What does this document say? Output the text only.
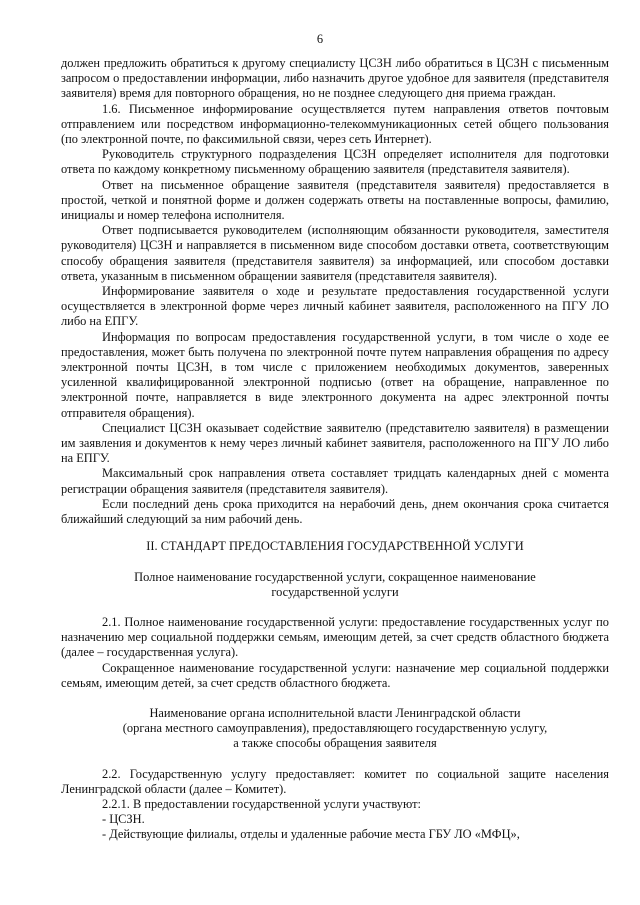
6

должен предложить обратиться к другому специалисту ЦСЗН либо обратиться в ЦСЗН с письменным запросом о предоставлении информации, либо назначить другое удобное для заявителя (представителя заявителя) время для повторного обращения, но не позднее следующего дня приема граждан.

1.6. Письменное информирование осуществляется путем направления ответов почтовым отправлением или посредством информационно-телекоммуникационных сетей общего пользования (по электронной почте, по факсимильной связи, через сеть Интернет).

Руководитель структурного подразделения ЦСЗН определяет исполнителя для подготовки ответа по каждому конкретному письменному обращению заявителя (представителя заявителя).

Ответ на письменное обращение заявителя (представителя заявителя) предоставляется в простой, четкой и понятной форме и должен содержать ответы на поставленные вопросы, фамилию, инициалы и номер телефона исполнителя.

Ответ подписывается руководителем (исполняющим обязанности руководителя, заместителя руководителя) ЦСЗН и направляется в письменном виде способом доставки ответа, соответствующим способу обращения заявителя (представителя заявителя) за информацией, или способом доставки ответа, указанным в письменном обращении заявителя (представителя заявителя).

Информирование заявителя о ходе и результате предоставления государственной услуги осуществляется в электронной форме через личный кабинет заявителя, расположенного на ПГУ ЛО либо на ЕПГУ.

Информация по вопросам предоставления государственной услуги, в том числе о ходе ее предоставления, может быть получена по электронной почте путем направления обращения по адресу электронной почты ЦСЗН, в том числе с приложением необходимых документов, заверенных усиленной квалифицированной электронной подписью (ответ на обращение, направленное по электронной почте, направляется в виде электронного документа на адрес электронной почты отправителя обращения).

Специалист ЦСЗН оказывает содействие заявителю (представителю заявителя) в размещении им заявления и документов к нему через личный кабинет заявителя, расположенного на ПГУ ЛО либо на ЕПГУ.

Максимальный срок направления ответа составляет тридцать календарных дней с момента регистрации обращения заявителя (представителя заявителя).

Если последний день срока приходится на нерабочий день, днем окончания срока считается ближайший следующий за ним рабочий день.

II. СТАНДАРТ ПРЕДОСТАВЛЕНИЯ ГОСУДАРСТВЕННОЙ УСЛУГИ

Полное наименование государственной услуги, сокращенное наименование
государственной услуги

2.1. Полное наименование государственной услуги: предоставление государственных услуг по назначению мер социальной поддержки семьям, имеющим детей, за счет средств областного бюджета (далее – государственная услуга).

Сокращенное наименование государственной услуги: назначение мер социальной поддержки семьям, имеющим детей, за счет средств областного бюджета.

Наименование органа исполнительной власти Ленинградской области
(органа местного самоуправления), предоставляющего государственную услугу,
а также способы обращения заявителя

2.2. Государственную услугу предоставляет: комитет по социальной защите населения Ленинградской области (далее – Комитет).

2.2.1. В предоставлении государственной услуги участвуют:

- ЦСЗН.

- Действующие филиалы, отделы и удаленные рабочие места ГБУ ЛО «МФЦ»,
